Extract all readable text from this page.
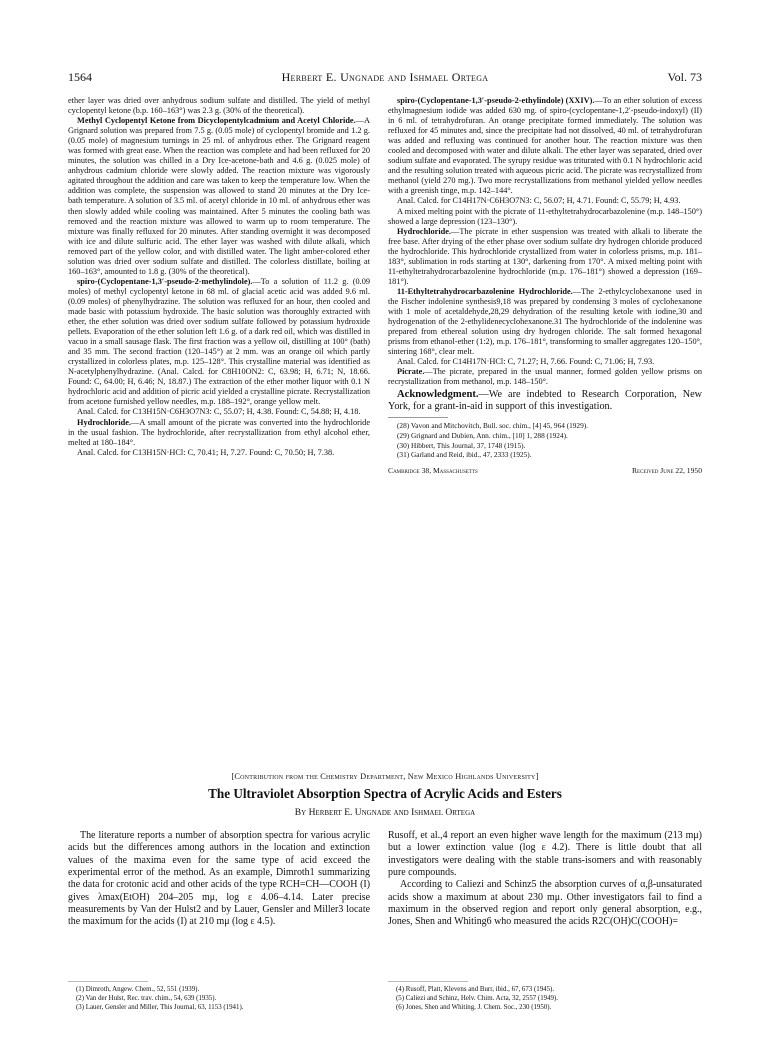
1564	Herbert E. Ungnade and Ishmael Ortega	Vol. 73

ether layer was dried over anhydrous sodium sulfate and distilled. The yield of methyl cyclopentyl ketone (b.p. 160–163°) was 2.3 g. (30% of the theoretical).

Methyl Cyclopentyl Ketone from Dicyclopentylcadmium and Acetyl Chloride.—A Grignard solution was prepared from 7.5 g. (0.05 mole) of cyclopentyl bromide and 1.2 g. (0.05 mole) of magnesium turnings in 25 ml. of anhydrous ether. The Grignard reagent was formed with great ease. When the reaction was complete and had been refluxed for 20 minutes, the solution was chilled in a Dry Ice-acetone-bath and 4.6 g. (0.025 mole) of anhydrous cadmium chloride were slowly added. The reaction mixture was vigorously agitated throughout the addition and care was taken to keep the temperature low. When the addition was complete, the suspension was allowed to stand 20 minutes at the Dry Ice-bath temperature. A solution of 3.5 ml. of acetyl chloride in 10 ml. of anhydrous ether was then slowly added while cooling was maintained. After 5 minutes the cooling bath was removed and the reaction mixture was allowed to warm up to room temperature. The mixture was finally refluxed for 20 minutes. After standing overnight it was decomposed with ice and dilute sulfuric acid. The ether layer was washed with dilute alkali, which removed part of the yellow color, and with distilled water. The light amber-colored ether solution was dried over sodium sulfate and distilled. The colorless distillate, boiling at 160–163°, amounted to 1.8 g. (30% of the theoretical).

spiro-(Cyclopentane-1,3′-pseudo-2-methylindole).—To a solution of 11.2 g. (0.09 moles) of methyl cyclopentyl ketone in 68 ml. of glacial acetic acid was added 9.6 ml. (0.09 moles) of phenylhydrazine. The solution was refluxed for an hour, then cooled and made basic with potassium hydroxide. The basic solution was thoroughly extracted with ether, the ether solution was dried over sodium sulfate followed by potassium hydroxide pellets. Evaporation of the ether solution left 1.6 g. of a dark red oil, which was distilled in vacuo in a small sausage flask. The first fraction was a yellow oil, distilling at 100° (bath) and 35 mm. The second fraction (120–145°) at 2 mm. was an orange oil which partly crystallized in colorless plates, m.p. 125–128°. This crystalline material was identified as N-acetylphenylhydrazine. (Anal. Calcd. for C8H10ON2: C, 63.98; H, 6.71; N, 18.66. Found: C, 64.00; H, 6.46; N, 18.87.) The extraction of the ether mother liquor with 0.1 N hydrochloric acid and addition of picric acid yielded a crystalline picrate. Recrystallization from acetone furnished yellow needles, m.p. 188–192°, orange yellow melt.

Anal. Calcd. for C13H15N·C6H3O7N3: C, 55.07; H, 4.38. Found: C, 54.88; H, 4.18.

Hydrochloride.—A small amount of the picrate was converted into the hydrochloride in the usual fashion. The hydrochloride, after recrystallization from ethyl alcohol ether, melted at 180–184°.

Anal. Calcd. for C13H15N·HCl: C, 70.41; H, 7.27. Found: C, 70.50; H, 7.38.

spiro-(Cyclopentane-1,3′-pseudo-2-ethylindole) (XXIV).—To an ether solution of excess ethylmagnesium iodide was added 630 mg. of spiro-(cyclopentane-1,2′-pseudo-indoxyl) (II) in 6 ml. of tetrahydrofuran. An orange precipitate formed immediately. The solution was refluxed for 45 minutes and, since the precipitate had not dissolved, 40 ml. of tetrahydrofuran was added and refluxing was continued for another hour. The reaction mixture was then cooled and decomposed with water and dilute alkali. The ether layer was separated, dried over sodium sulfate and evaporated. The syrupy residue was triturated with 0.1 N hydrochloric acid and the resulting solution treated with aqueous picric acid. The picrate was recrystallized from methanol (yield 270 mg.). Two more recrystallizations from methanol yielded yellow needles with a greenish tinge, m.p. 142–144°.

Anal. Calcd. for C14H17N·C6H3O7N3: C, 56.07; H, 4.71. Found: C, 55.79; H, 4.93.

A mixed melting point with the picrate of 11-ethyltetrahydrocarbazolenine (m.p. 148–150°) showed a large depression (123–130°).

Hydrochloride.—The picrate in ether suspension was treated with alkali to liberate the free base. After drying of the ether phase over sodium sulfate dry hydrogen chloride produced the hydrochloride. This hydrochloride crystallized from water in colorless prisms, m.p. 181–183°, sublimation in rods starting at 130°, darkening from 170°. A mixed melting point with 11-ethyltetrahydrocarbazolenine hydrochloride (m.p. 176–181°) showed a depression (169–181°).

11-Ethyltetrahydrocarbazolenine Hydrochloride.—The 2-ethylcyclohexanone used in the Fischer indolenine synthesis9,18 was prepared by condensing 3 moles of cyclohexanone with 1 mole of acetaldehyde,28,29 dehydration of the resulting ketole with iodine,30 and hydrogenation of the 2-ethylidenecyclohexanone.31 The hydrochloride of the indolenine was prepared from ethereal solution using dry hydrogen chloride. The salt formed hexagonal prisms from ethanol-ether (1:2), m.p. 176–181°, transforming to smaller aggregates 120–150°, sintering 168°, clear melt.

Anal. Calcd. for C14H17N·HCl: C, 71.27; H, 7.66. Found: C, 71.06; H, 7.93.

Picrate.—The picrate, prepared in the usual manner, formed golden yellow prisms on recrystallization from methanol, m.p. 148–150°.

Acknowledgment.—We are indebted to Research Corporation, New York, for a grant-in-aid in support of this investigation.

(28) Vavon and Mitchovitch, Bull. soc. chim., [4] 45, 964 (1929).
(29) Grignard and Dubien, Ann. chim., [10] 1, 288 (1924).
(30) Hibbert, This Journal, 37, 1748 (1915).
(31) Garland and Reid, ibid., 47, 2333 (1925).
Cambridge 38, Massachusetts	Received June 22, 1950
[Contribution from the Chemistry Department, New Mexico Highlands University]
The Ultraviolet Absorption Spectra of Acrylic Acids and Esters
By Herbert E. Ungnade and Ishmael Ortega

The literature reports a number of absorption spectra for various acrylic acids but the differences among authors in the location and extinction values of the maxima even for the same type of acid exceed the experimental error of the method. As an example, Dimroth1 summarizing the data for crotonic acid and other acids of the type RCH=CH—COOH (I) gives λmax(EtOH) 204–205 mμ, log ε 4.06–4.14. Later precise measurements by Van der Hulst2 and by Lauer, Gensler and Miller3 locate the maximum for the acids (I) at 210 mμ (log ε 4.5).

Rusoff, et al.,4 report an even higher wave length for the maximum (213 mμ) but a lower extinction value (log ε 4.2). There is little doubt that all investigators were dealing with the stable trans-isomers and with reasonably pure compounds.

According to Caliezi and Schinz5 the absorption curves of α,β-unsaturated acids show a maximum at about 230 mμ. Other investigators fail to find a maximum in the observed region and report only general absorption, e.g., Jones, Shen and Whiting6 who measured the acids R2C(OH)C(COOH)=

(1) Dimroth, Angew. Chem., 52, 551 (1939).
(2) Van der Hulst, Rec. trav. chim., 54, 639 (1935).
(3) Lauer, Gensler and Miller, This Journal, 63, 1153 (1941).
(4) Rusoff, Platt, Klevens and Burr, ibid., 67, 673 (1945).
(5) Caliezi and Schinz, Helv. Chim. Acta, 32, 2557 (1949).
(6) Jones, Shen and Whiting, J. Chem. Soc., 230 (1950).
